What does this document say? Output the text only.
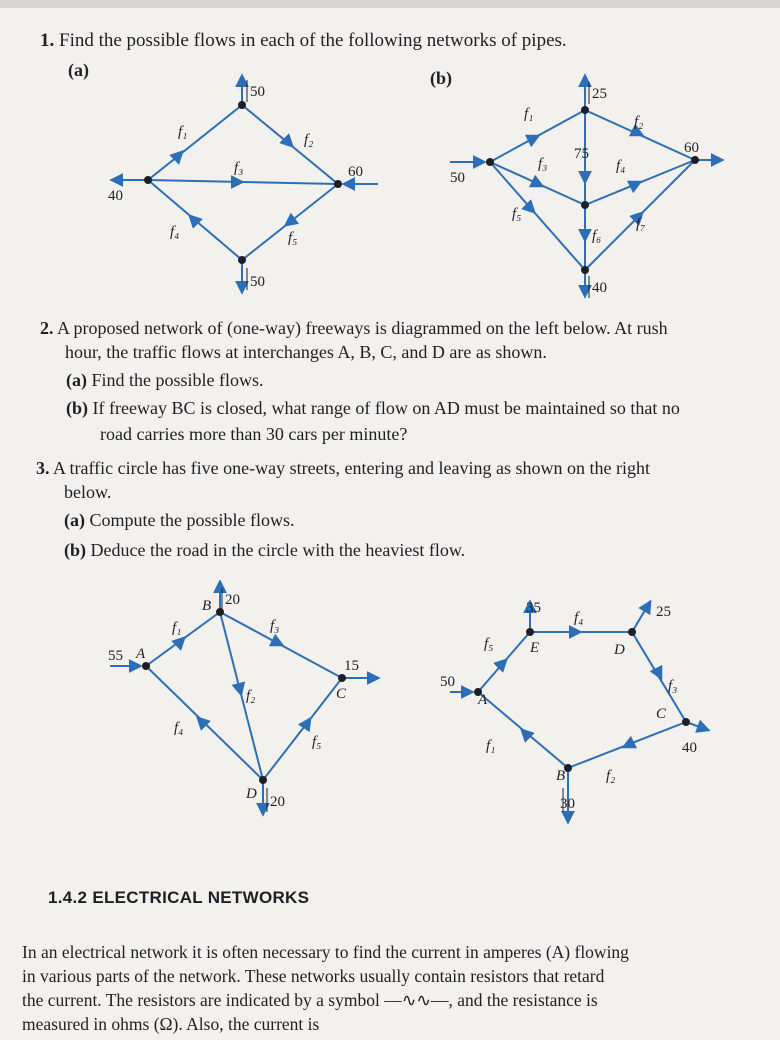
1. Find the possible flows in each of the following networks of pipes.
(a)	(b)
50
40
60
50
f₁	f₂
f₃
f₄	f₅
25
75
50
60
40
f₁	f₂
f₃	f₄
f₅
f₆
f₇
2. A proposed network of (one-way) freeways is diagrammed on the left below. At rush
hour, the traffic flows at interchanges A, B, C, and D are as shown.
(a) Find the possible flows.
(b) If freeway BC is closed, what range of flow on AD must be maintained so that no
road carries more than 30 cars per minute?
3. A traffic circle has five one-way streets, entering and leaving as shown on the right
below.
(a) Compute the possible flows.
(b) Deduce the road in the circle with the heaviest flow.
B 20
55 A
C
15
D 20
f₁	f₃
f₂
f₄
f₅
50
A
E
35
D
25
C
40
B
30
f₅
f₄
f₃
f₂
f₁
1.4.2 ELECTRICAL NETWORKS
In an electrical network it is often necessary to find the current in amperes (A) flowing
in various parts of the network. These networks usually contain resistors that retard
the current. The resistors are indicated by a symbol —∿∿—, and the resistance is
measured in ohms (Ω). Also, the current is
